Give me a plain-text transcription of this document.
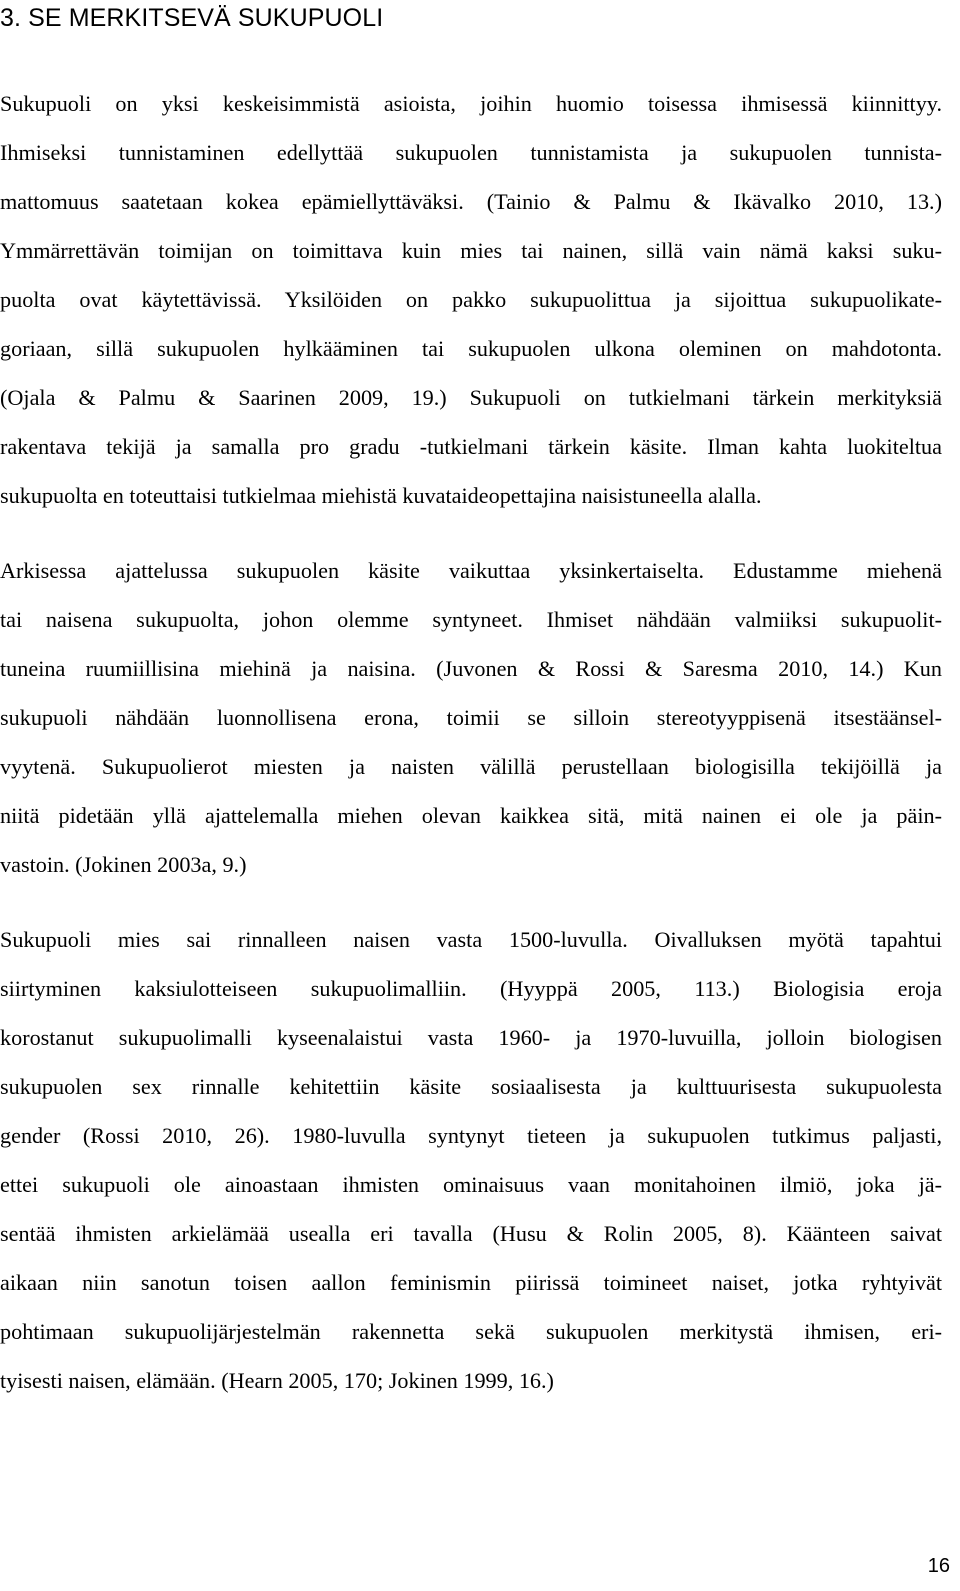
3. SE MERKITSEVÄ SUKUPUOLI
Sukupuoli on yksi keskeisimmistä asioista, joihin huomio toisessa ihmisessä kiinnittyy.
Ihmiseksi tunnistaminen edellyttää sukupuolen tunnistamista ja sukupuolen tunnista-
mattomuus saatetaan kokea epämiellyttäväksi. (Tainio & Palmu & Ikävalko 2010, 13.)
Ymmärrettävän toimijan on toimittava kuin mies tai nainen, sillä vain nämä kaksi suku-
puolta ovat käytettävissä. Yksilöiden on pakko sukupuolittua ja sijoittua sukupuolikate-
goriaan, sillä sukupuolen hylkääminen tai sukupuolen ulkona oleminen on mahdotonta.
(Ojala & Palmu & Saarinen 2009, 19.) Sukupuoli on tutkielmani tärkein merkityksiä
rakentava tekijä ja samalla pro gradu -tutkielmani tärkein käsite. Ilman kahta luokiteltua
sukupuolta en toteuttaisi tutkielmaa miehistä kuvataideopettajina naisistuneella alalla.
Arkisessa ajattelussa sukupuolen käsite vaikuttaa yksinkertaiselta. Edustamme miehenä
tai naisena sukupuolta, johon olemme syntyneet. Ihmiset nähdään valmiiksi sukupuolit-
tuneina ruumiillisina miehinä ja naisina. (Juvonen & Rossi & Saresma 2010, 14.) Kun
sukupuoli nähdään luonnollisena erona, toimii se silloin stereotyyppisenä itsestäänsel-
vyytenä. Sukupuolierot miesten ja naisten välillä perustellaan biologisilla tekijöillä ja
niitä pidetään yllä ajattelemalla miehen olevan kaikkea sitä, mitä nainen ei ole ja päin-
vastoin. (Jokinen 2003a, 9.)
Sukupuoli mies sai rinnalleen naisen vasta 1500-luvulla. Oivalluksen myötä tapahtui
siirtyminen kaksiulotteiseen sukupuolimalliin. (Hyyppä 2005, 113.) Biologisia eroja
korostanut sukupuolimalli kyseenalaistui vasta 1960- ja 1970-luvuilla, jolloin biologisen
sukupuolen sex rinnalle kehitettiin käsite sosiaalisesta ja kulttuurisesta sukupuolesta
gender (Rossi 2010, 26). 1980-luvulla syntynyt tieteen ja sukupuolen tutkimus paljasti,
ettei sukupuoli ole ainoastaan ihmisten ominaisuus vaan monitahoinen ilmiö, joka jä-
sentää ihmisten arkielämää usealla eri tavalla (Husu & Rolin 2005, 8). Käänteen saivat
aikaan niin sanotun toisen aallon feminismin piirissä toimineet naiset, jotka ryhtyivät
pohtimaan sukupuolijärjestelmän rakennetta sekä sukupuolen merkitystä ihmisen, eri-
tyisesti naisen, elämään. (Hearn 2005, 170; Jokinen 1999, 16.)
16
